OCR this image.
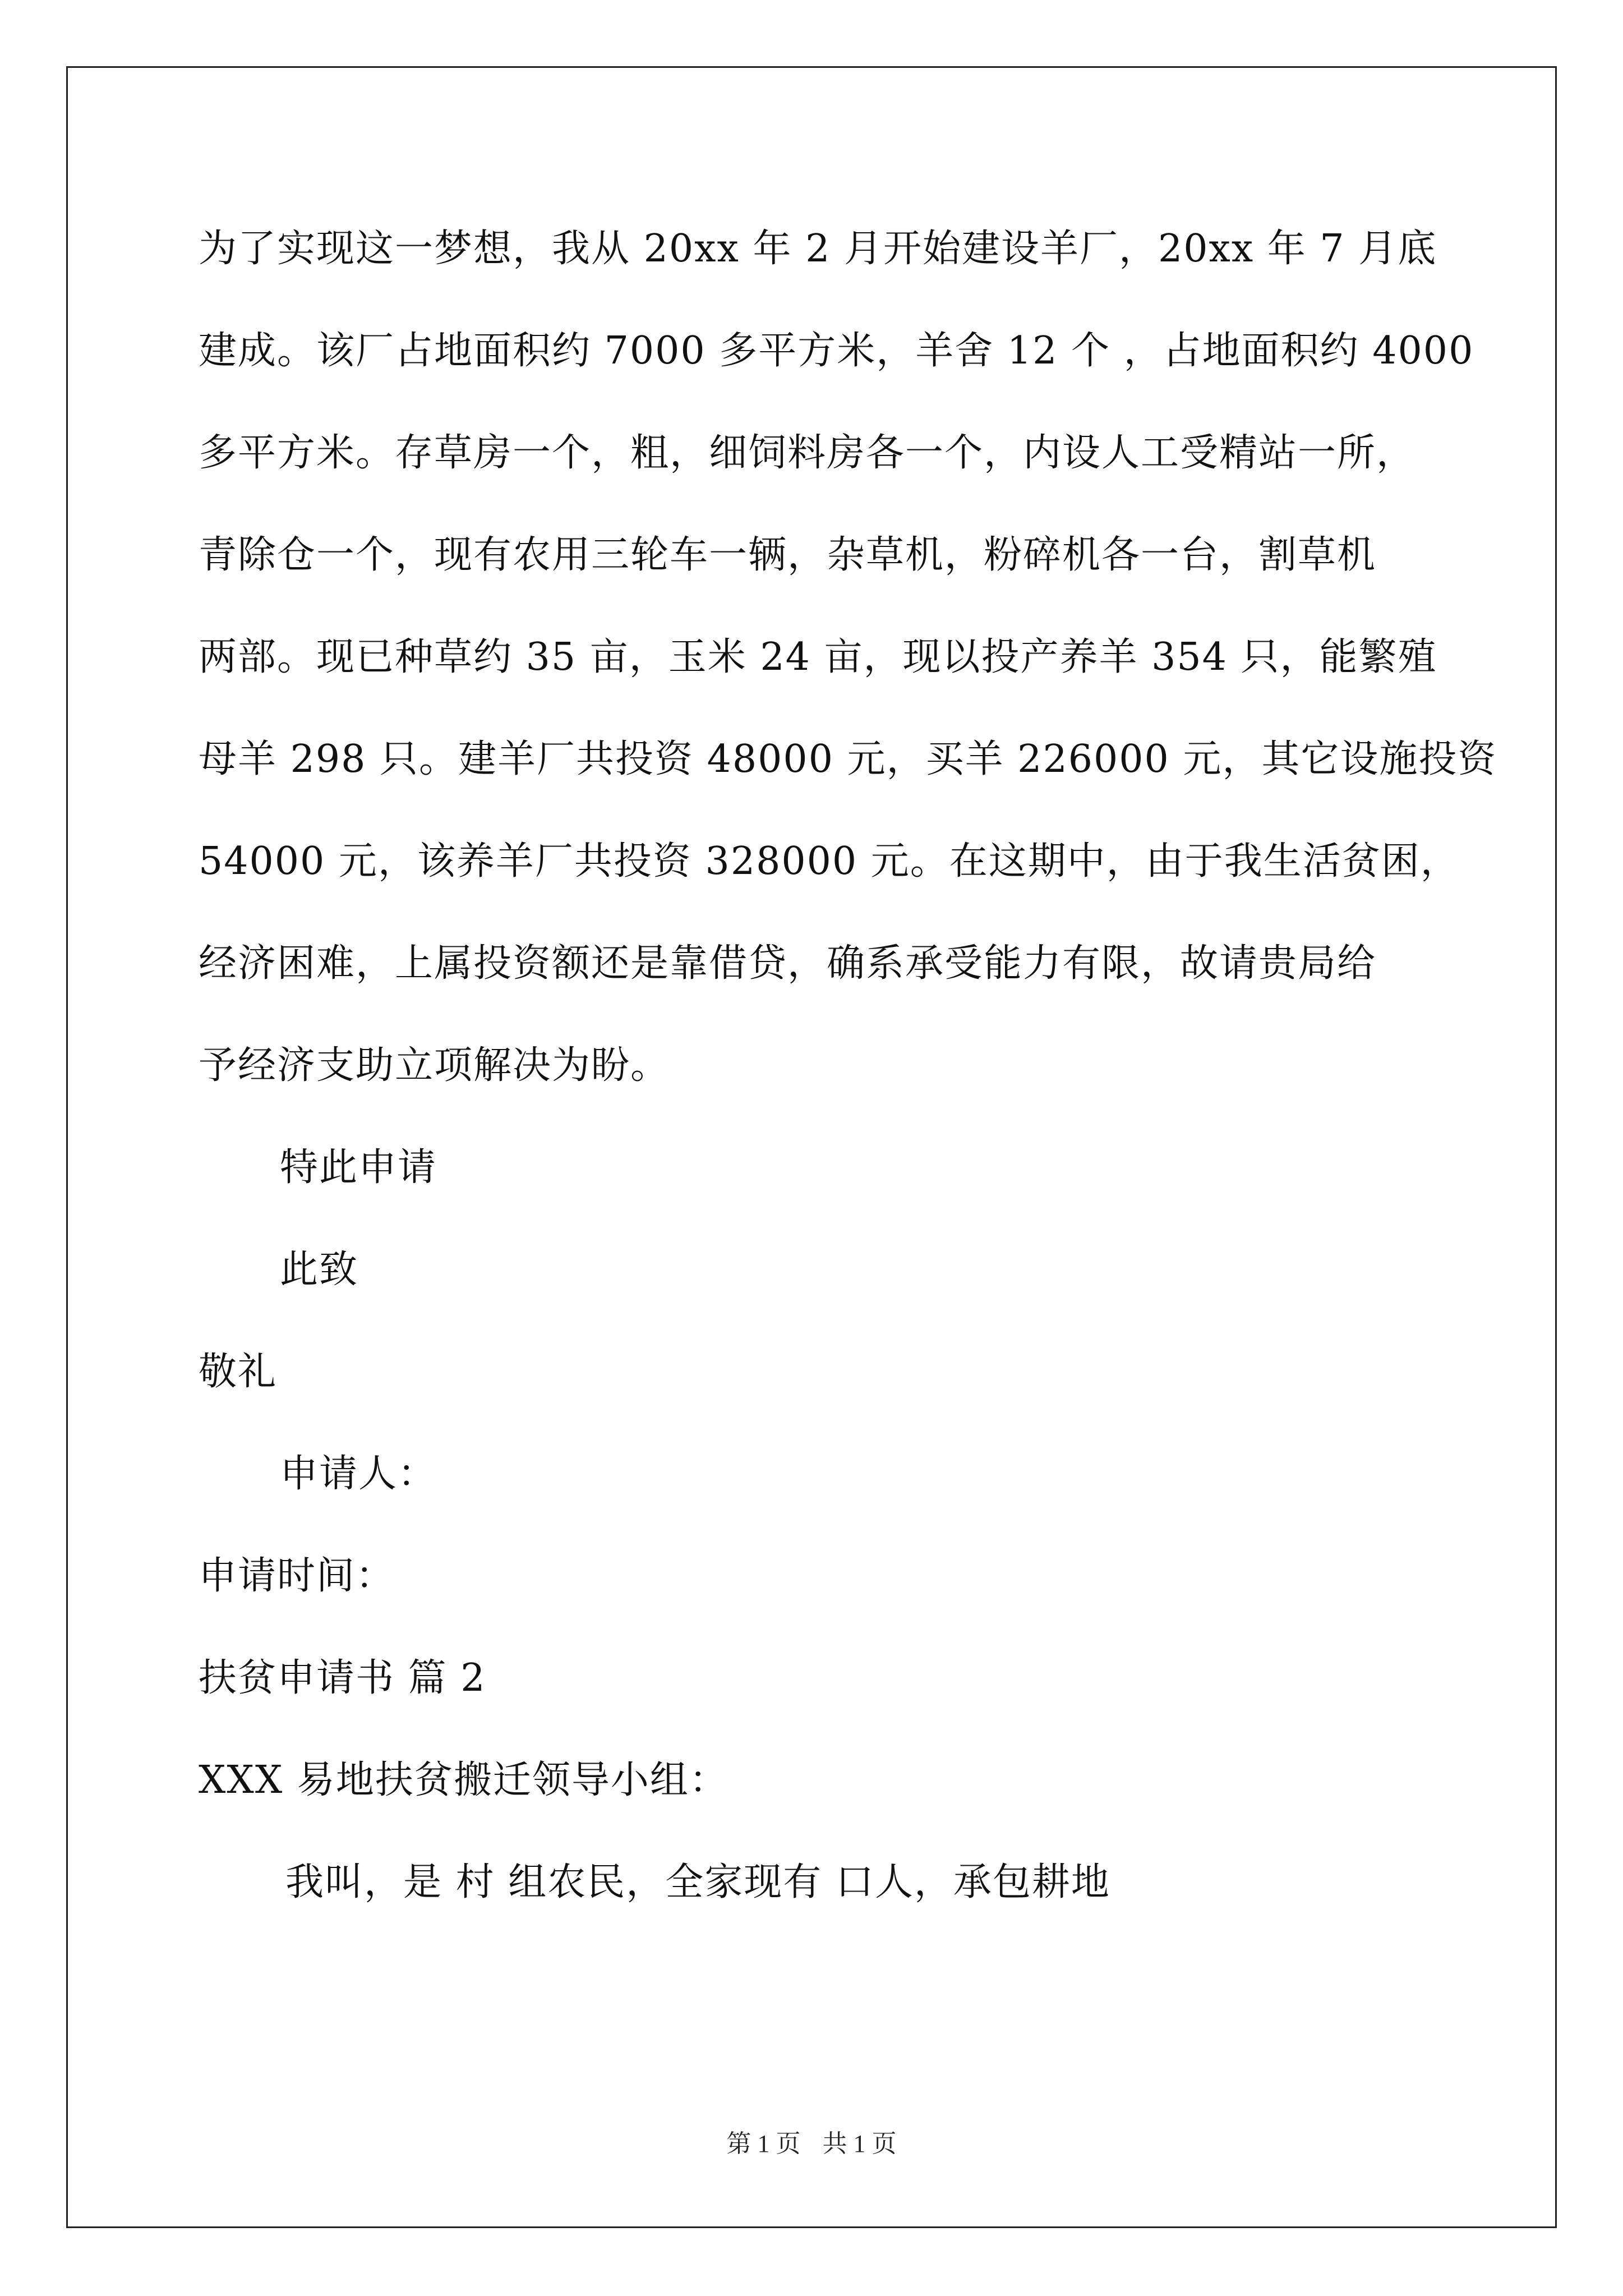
为了实现这一梦想，我从 20xx 年 2 月开始建设羊厂，20xx 年 7 月底
建成。该厂占地面积约 7000 多平方米，羊舍 12 个 ，占地面积约 4000
多平方米。存草房一个，粗，细饲料房各一个，内设人工受精站一所，
青除仓一个，现有农用三轮车一辆，杂草机，粉碎机各一台，割草机
两部。现已种草约 35 亩，玉米 24 亩，现以投产养羊 354 只，能繁殖
母羊 298 只。建羊厂共投资 48000 元，买羊 226000 元，其它设施投资
54000 元，该养羊厂共投资 328000 元。在这期中，由于我生活贫困，
经济困难，上属投资额还是靠借贷，确系承受能力有限，故请贵局给
予经济支助立项解决为盼。
特此申请
此致
敬礼
申请人：
申请时间：
扶贫申请书 篇 2
XXX 易地扶贫搬迁领导小组：
我叫，是 村 组农民，全家现有 口人，承包耕地
第 1 页 共 1 页
